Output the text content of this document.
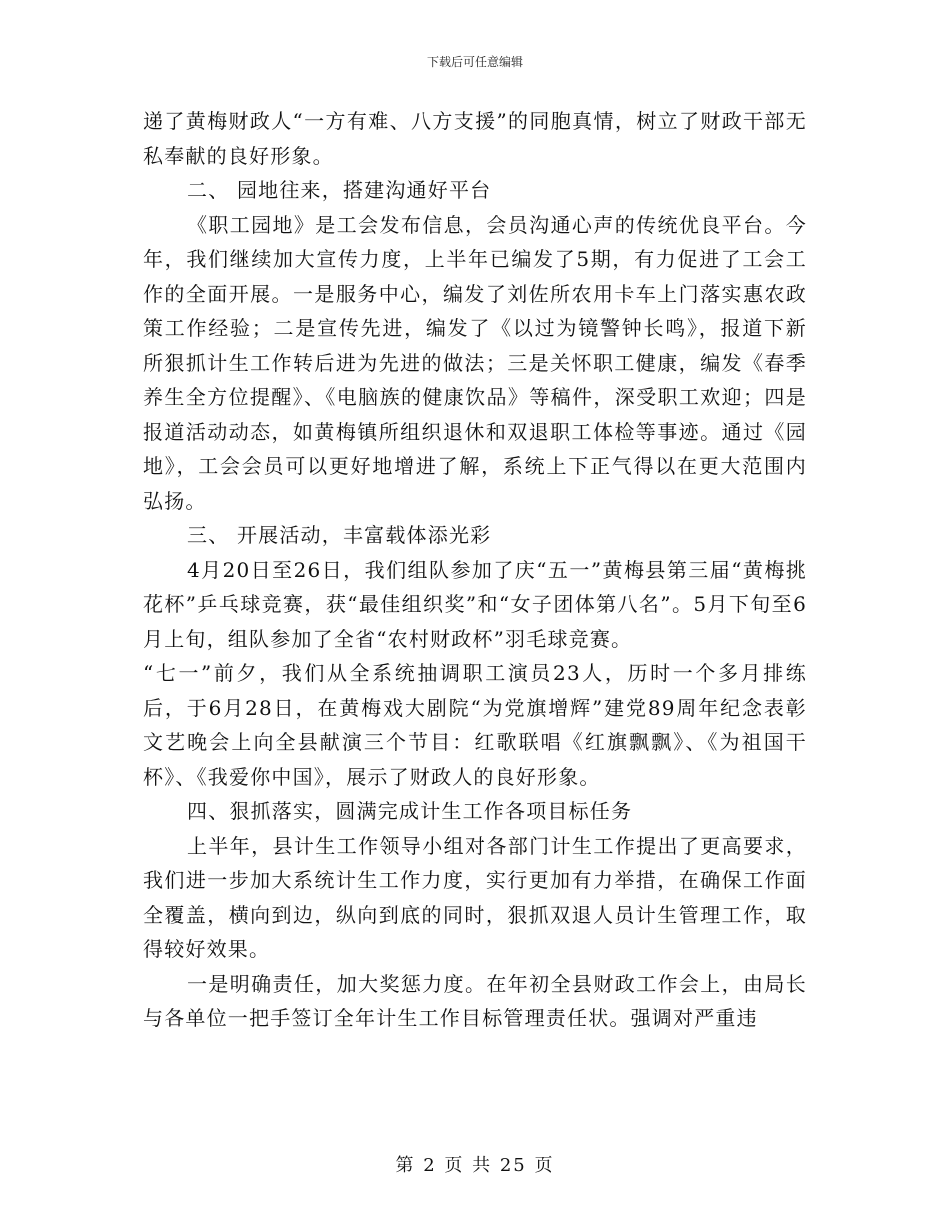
下载后可任意编辑

递了黄梅财政人“一方有难、八方支援”的同胞真情，树立了财政干部无私奉献的良好形象。

二、 园地往来，搭建沟通好平台

《职工园地》是工会发布信息，会员沟通心声的传统优良平台。今年，我们继续加大宣传力度，上半年已编发了5期，有力促进了工会工作的全面开展。一是服务中心，编发了刘佐所农用卡车上门落实惠农政策工作经验；二是宣传先进，编发了《以过为镜警钟长鸣》，报道下新所狠抓计生工作转后进为先进的做法；三是关怀职工健康，编发《春季养生全方位提醒》、《电脑族的健康饮品》等稿件，深受职工欢迎；四是报道活动动态，如黄梅镇所组织退休和双退职工体检等事迹。通过《园地》，工会会员可以更好地增进了解，系统上下正气得以在更大范围内弘扬。

三、 开展活动，丰富载体添光彩

4月20日至26日，我们组队参加了庆“五一”黄梅县第三届“黄梅挑花杯”乒乓球竞赛，获“最佳组织奖”和“女子团体第八名”。5月下旬至6月上旬，组队参加了全省“农村财政杯”羽毛球竞赛。

“七一”前夕，我们从全系统抽调职工演员23人，历时一个多月排练后，于6月28日，在黄梅戏大剧院“为党旗增辉”建党89周年纪念表彰文艺晚会上向全县献演三个节目：红歌联唱《红旗飘飘》、《为祖国干杯》、《我爱你中国》，展示了财政人的良好形象。

四、狠抓落实，圆满完成计生工作各项目标任务

上半年，县计生工作领导小组对各部门计生工作提出了更高要求，我们进一步加大系统计生工作力度，实行更加有力举措，在确保工作面全覆盖，横向到边，纵向到底的同时，狠抓双退人员计生管理工作，取得较好效果。

一是明确责任，加大奖惩力度。在年初全县财政工作会上，由局长与各单位一把手签订全年计生工作目标管理责任状。强调对严重违

第 2 页 共 25 页
